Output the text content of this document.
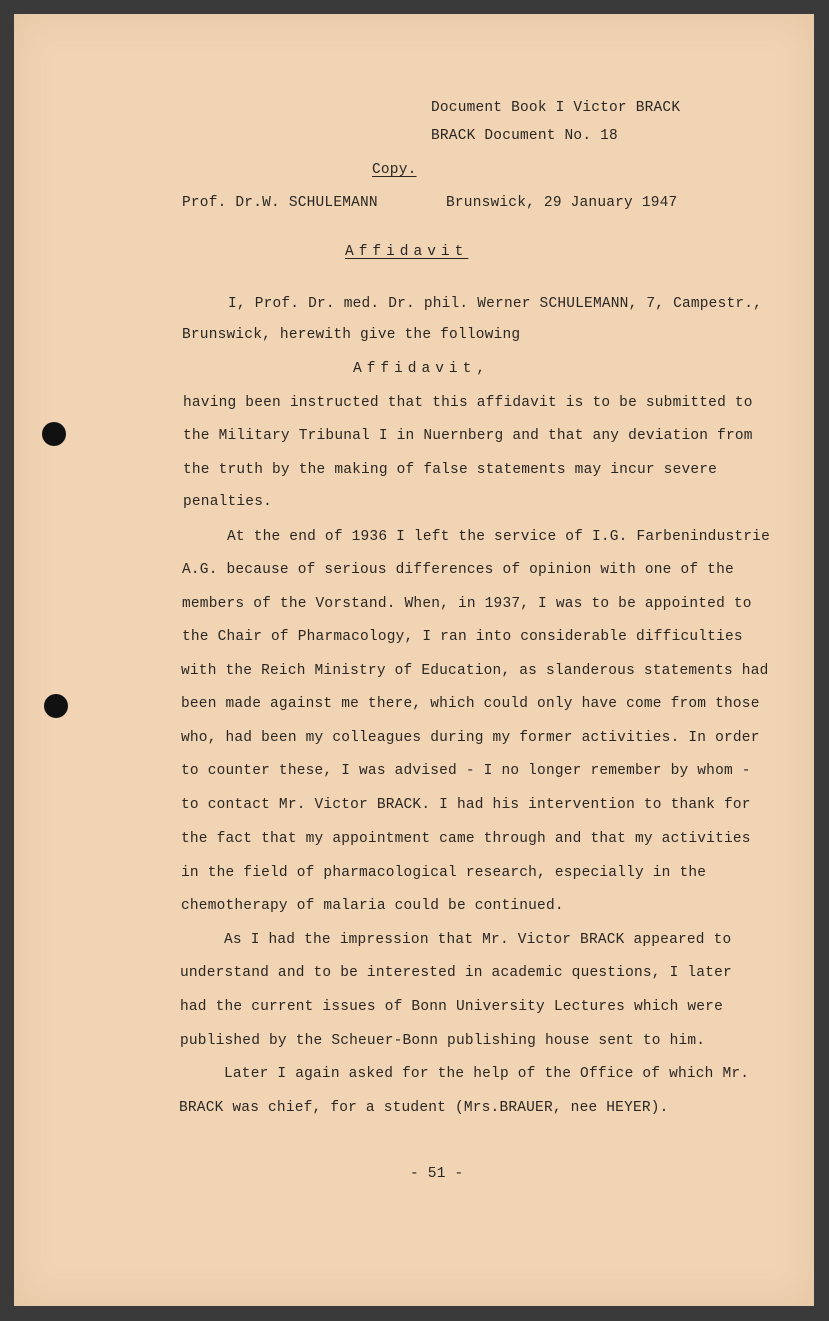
Document Book I Victor BRACK
BRACK Document No. 18
Copy.
Prof. Dr.W. SCHULEMANN	Brunswick, 29 January 1947
Affidavit
I, Prof. Dr. med. Dr. phil. Werner SCHULEMANN, 7, Campestr.,
Brunswick, herewith give the following
Affidavit,
having been instructed that this affidavit is to be submitted to
the Military Tribunal I in Nuernberg and that any deviation from
the truth by the making of false statements may incur severe
penalties.
At the end of 1936 I left the service of I.G. Farbenindustrie
A.G. because of serious differences of opinion with one of the
members of the Vorstand. When, in 1937, I was to be appointed to
the Chair of Pharmacology, I ran into considerable difficulties
with the Reich Ministry of Education, as slanderous statements had
been made against me there, which could only have come from those
who, had been my colleagues during my former activities. In order
to counter these, I was advised - I no longer remember by whom -
to contact Mr. Victor BRACK. I had his intervention to thank for
the fact that my appointment came through and that my activities
in the field of pharmacological research, especially in the
chemotherapy of malaria could be continued.
As I had the impression that Mr. Victor BRACK appeared to
understand and to be interested in academic questions, I later
had the current issues of Bonn University Lectures which were
published by the Scheuer-Bonn publishing house sent to him.
Later I again asked for the help of the Office of which Mr.
BRACK was chief, for a student (Mrs.BRAUER, nee HEYER).
- 51 -
